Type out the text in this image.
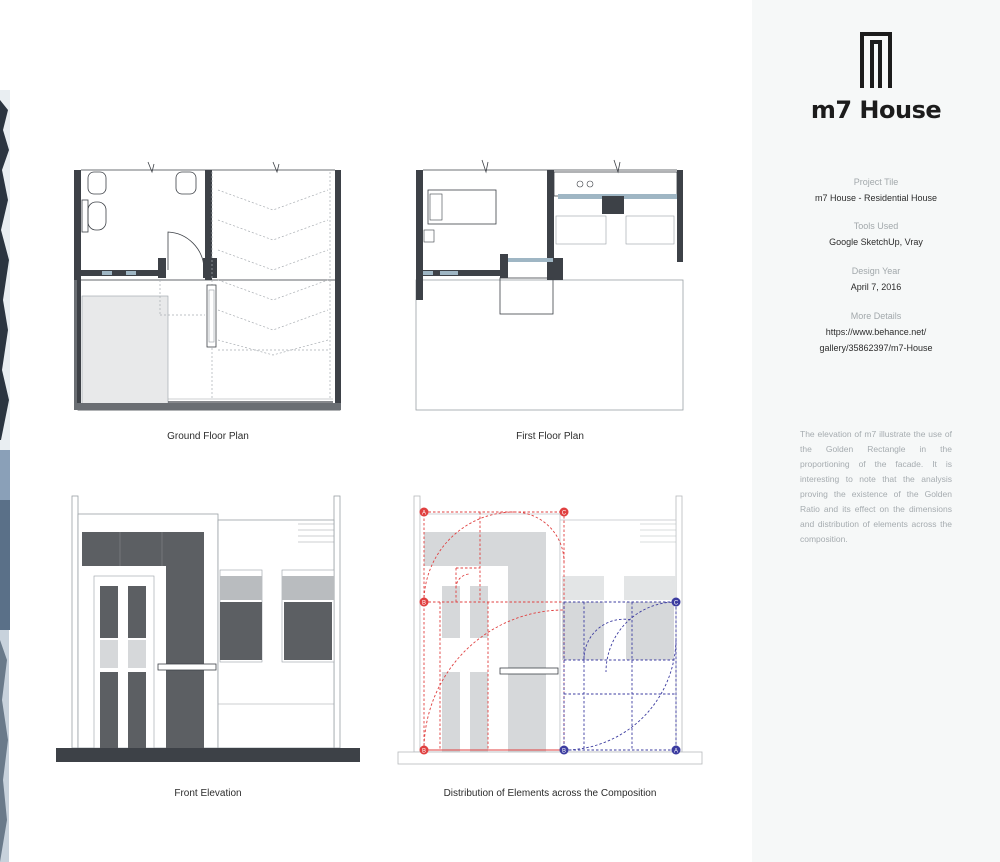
Ground Floor Plan	First Floor Plan
Front Elevation
A	C
B
B
C
B	A
Distribution of Elements across the Composition
m7 House
Project Tile
m7 House - Residential House
Tools Used
Google SketchUp, Vray
Design Year
April 7, 2016
More Details
https://www.behance.net/
gallery/35862397/m7-House
The elevation of m7 illustrate the use of the Golden Rectangle in the proportioning of the facade. It is interesting to note that the analysis proving the existence of the Golden Ratio and its effect on the dimensions and distribution of elements across the composition.
